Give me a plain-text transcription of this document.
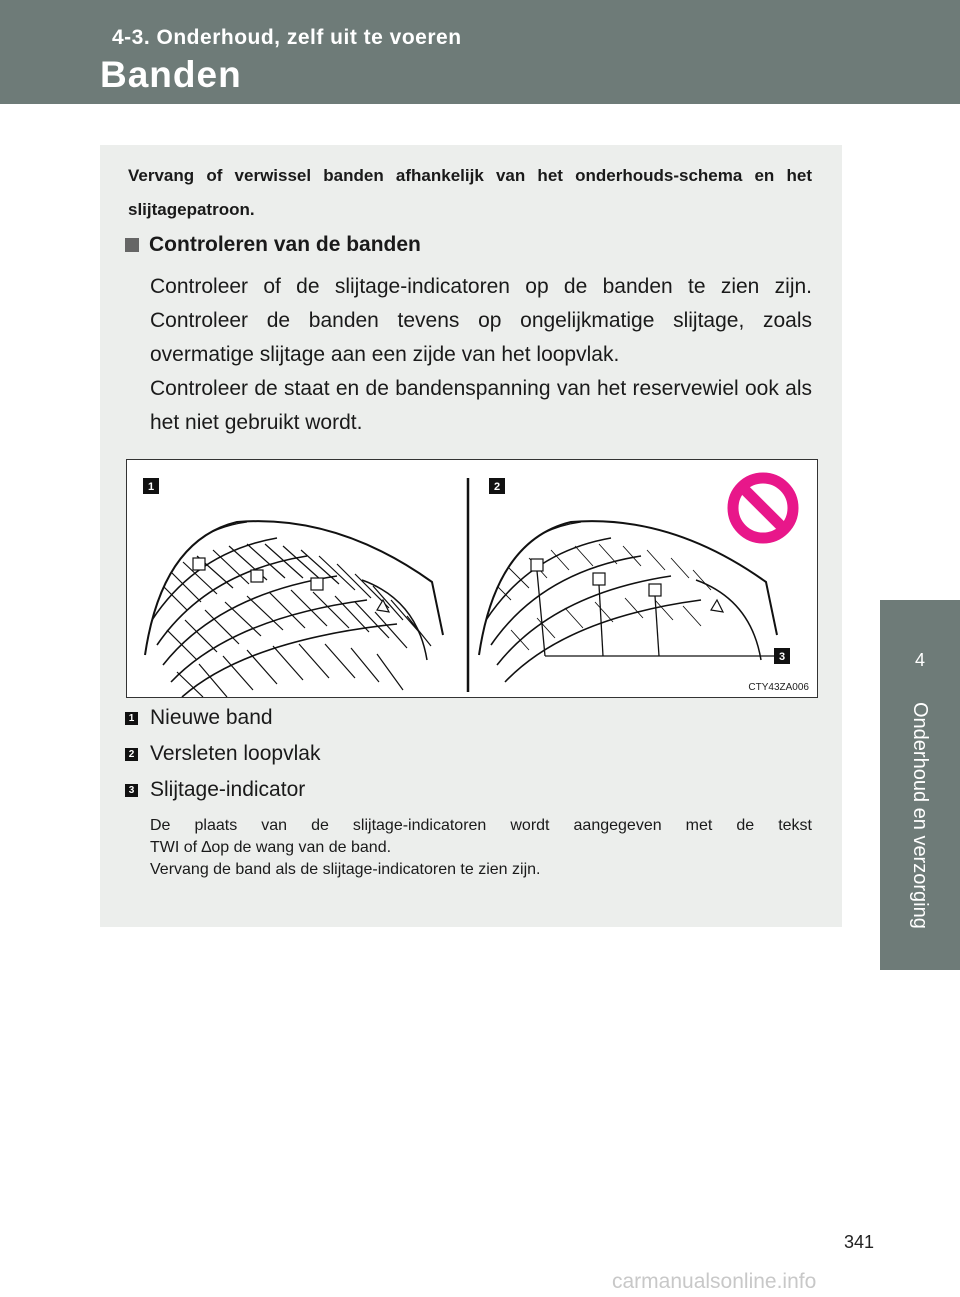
4-3. Onderhoud, zelf uit te voeren
Banden
4
Onderhoud en verzorging
Vervang of verwissel banden afhankelijk van het onderhouds-schema en het slijtagepatroon.
Controleren van de banden
Controleer of de slijtage-indicatoren op de banden te zien zijn. Controleer de banden tevens op ongelijkmatige slijtage, zoals overmatige slijtage aan een zijde van het loopvlak.
Controleer de staat en de bandenspanning van het reservewiel ook als het niet gebruikt wordt.
1	2
3
CTY43ZA006
1 Nieuwe band
2 Versleten loopvlak
3 Slijtage-indicator

De plaats van de slijtage-indicatoren wordt aangegeven met de tekst

TWI of ∆op de wang van de band.

Vervang de band als de slijtage-indicatoren te zien zijn.

341
carmanualsonline.info
